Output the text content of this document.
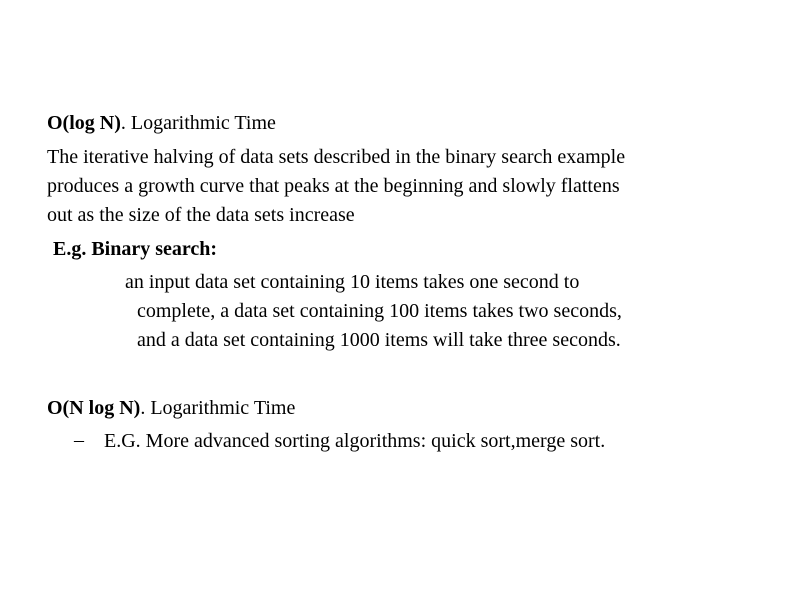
O(log N). Logarithmic Time
The iterative halving of data sets described in the binary search example
produces a growth curve that peaks at the beginning and slowly flattens
out as the size of the data sets increase
E.g. Binary search:
an input data set containing 10 items takes one second to
complete, a data set containing 100 items takes two seconds,
and a data set containing 1000 items will take three seconds.
O(N log N). Logarithmic Time
– E.G. More advanced sorting algorithms: quick sort,merge sort.
